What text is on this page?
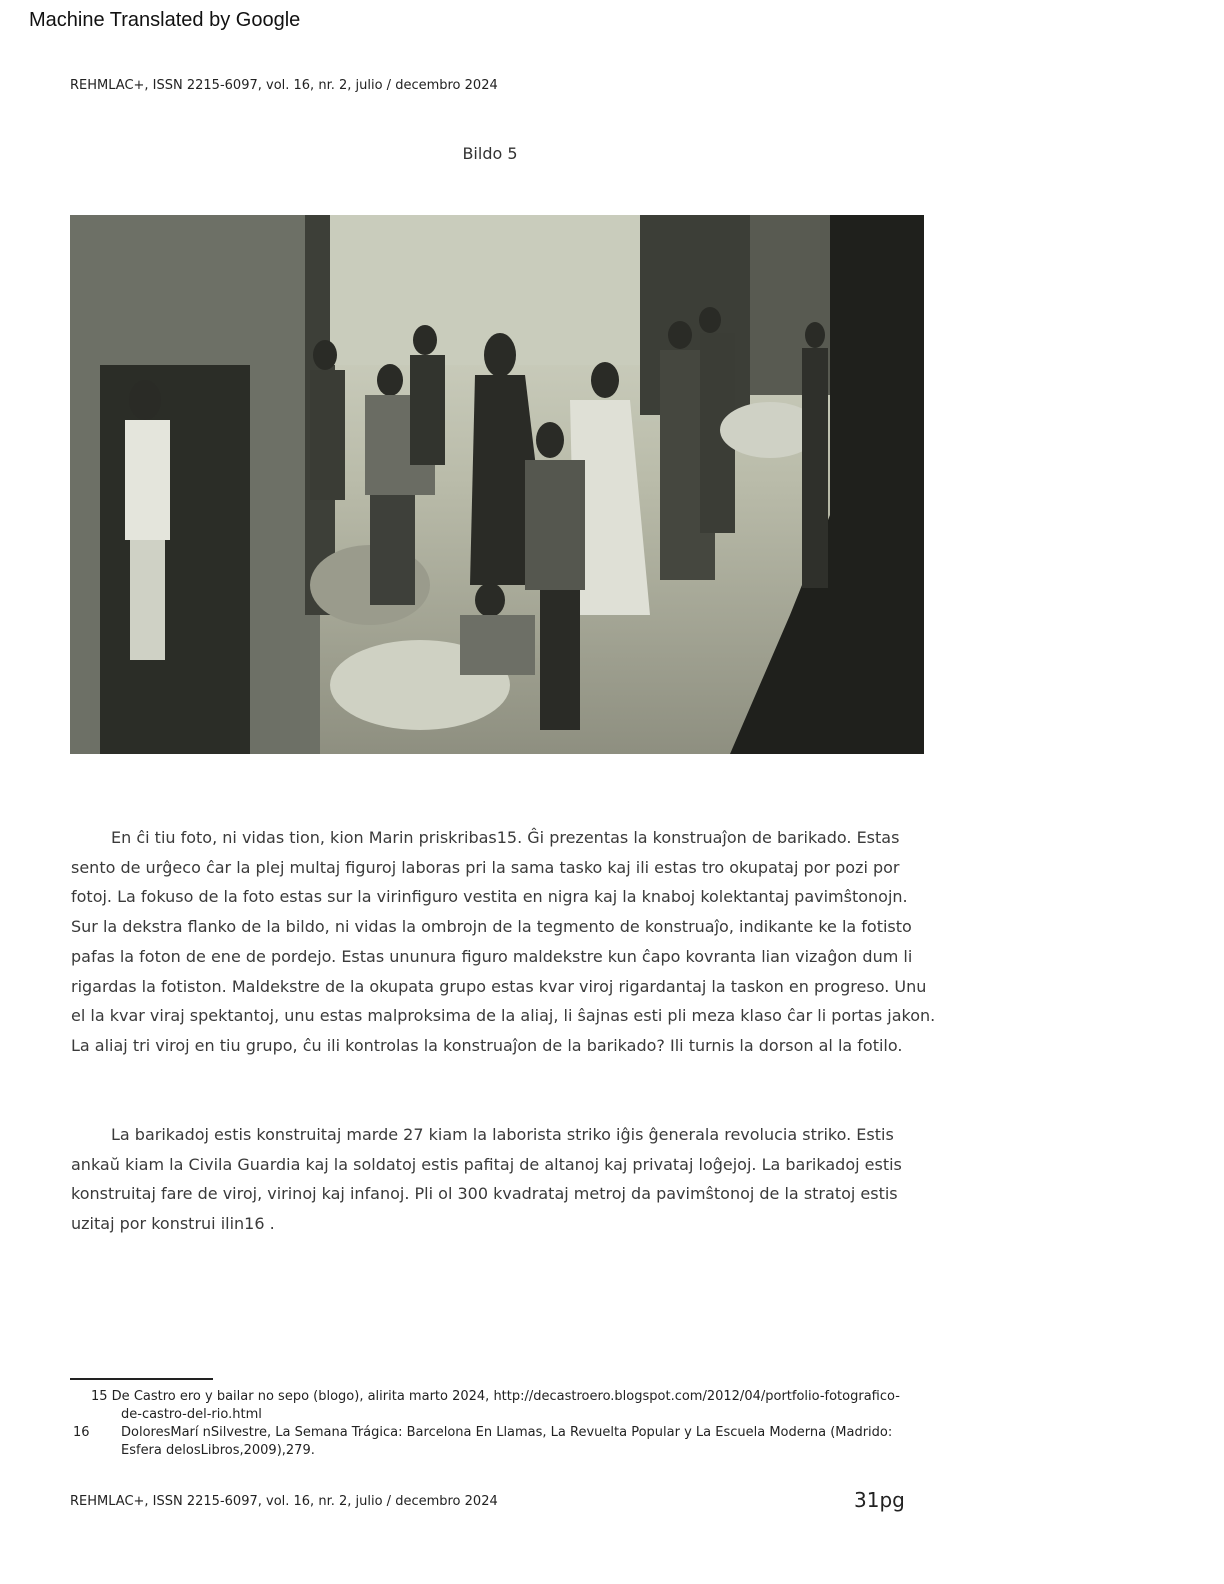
Machine Translated by Google
REHMLAC+, ISSN 2215-6097, vol. 16, nr. 2, julio / decembro 2024
Bildo 5

En ĉi tiu foto, ni vidas tion, kion Marin priskribas15. Ĝi prezentas la konstruaĵon de barikado. Estas sento de urĝeco ĉar la plej multaj figuroj laboras pri la sama tasko kaj ili estas tro okupataj por pozi por fotoj. La fokuso de la foto estas sur la virinfiguro vestita en nigra kaj la knaboj kolektantaj pavimŝtonojn. Sur la dekstra flanko de la bildo, ni vidas la ombrojn de la tegmento de konstruaĵo, indikante ke la fotisto pafas la foton de ene de pordejo. Estas ununura figuro maldekstre kun ĉapo kovranta lian vizaĝon dum li rigardas la fotiston. Maldekstre de la okupata grupo estas kvar viroj rigardantaj la taskon en progreso. Unu el la kvar viraj spektantoj, unu estas malproksima de la aliaj, li ŝajnas esti pli meza klaso ĉar li portas jakon. La aliaj tri viroj en tiu grupo, ĉu ili kontrolas la konstruaĵon de la barikado? Ili turnis la dorson al la fotilo.

La barikadoj estis konstruitaj marde 27 kiam la laborista striko iĝis ĝenerala revolucia striko. Estis ankaŭ kiam la Civila Guardia kaj la soldatoj estis pafitaj de altanoj kaj privataj loĝejoj. La barikadoj estis konstruitaj fare de viroj, virinoj kaj infanoj. Pli ol 300 kvadrataj metroj da pavimŝtonoj de la stratoj estis uzitaj por konstrui ilin16 .

15 De Castro ero y bailar no sepo (blogo), alirita marto 2024, http://decastroero.blogspot.com/2012/04/portfolio-fotografico-de-castro-del-rio.html
16	DoloresMarí nSilvestre, La Semana Trágica: Barcelona En Llamas, La Revuelta Popular y La Escuela Moderna (Madrido: Esfera delosLibros,2009),279.
REHMLAC+, ISSN 2215-6097, vol. 16, nr. 2, julio / decembro 2024	31pg
